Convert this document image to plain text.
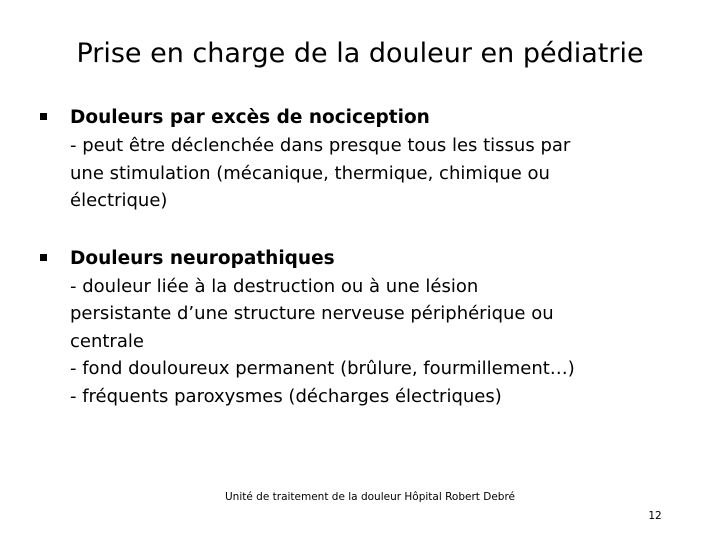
Prise en charge de la douleur en pédiatrie
Douleurs par excès de nociception
- peut être déclenchée dans presque tous les tissus par
une stimulation (mécanique, thermique, chimique ou
électrique)
Douleurs neuropathiques
- douleur liée à la destruction ou à une lésion
persistante d’une structure nerveuse périphérique ou
centrale
- fond douloureux permanent (brûlure, fourmillement…)
- fréquents paroxysmes (décharges électriques)
Unité de traitement de la douleur Hôpital Robert Debré
12
